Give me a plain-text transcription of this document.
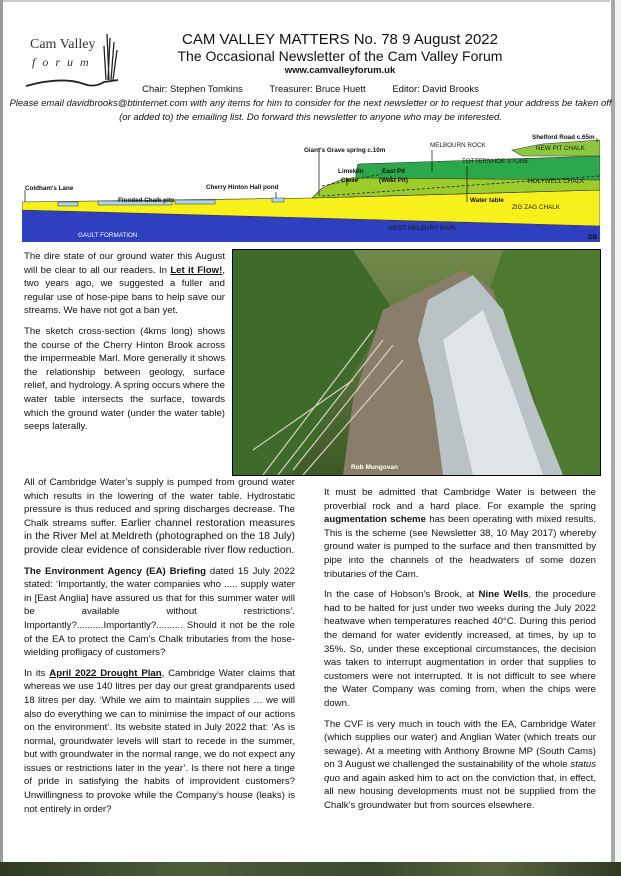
Cam Valley
forum
CAM VALLEY MATTERS No. 78 9 August 2022
The Occasional Newsletter of the Cam Valley Forum
www.camvalleyforum.uk
Chair: Stephen Tomkins	Treasurer: Bruce Huett	Editor: David Brooks
Please email davidbrooks@btinternet.com with any items for him to consider for the next newsletter or to request that your address be taken off (or added to) the emailing list. Do forward this newsletter to anyone who may be interested.
Coldham's Lane
Flooded Chalk pits
Cherry Hinton Hall pond
Giant's Grave spring c.10m
Limekiln
Close
East Pit
(West Pit)
MELBOURN ROCK
TOTTERNHOE STONE
Shelford Road c.65m
NEW PIT CHALK
HOLYWELL CHALK
Water table
ZIG ZAG CHALK
WEST MELBURY MARL
GAULT FORMATION	DB
Rob Mungovan

The dire state of our ground water this August will be clear to all our readers. In Let it Flow!, two years ago, we suggested a fuller and regular use of hose-pipe bans to help save our streams. We have not got a ban yet.

The sketch cross-section (4kms long) shows the course of the Cherry Hinton Brook across the impermeable Marl. More generally it shows the relationship between geology, surface relief, and hydrology. A spring occurs where the water table intersects the surface, towards which the ground water (under the water table) seeps laterally.

All of Cambridge Water’s supply is pumped from ground water which results in the lowering of the water table. Hydrostatic pressure is thus reduced and spring discharges decrease. The Chalk streams suffer. Earlier channel restoration measures in the River Mel at Meldreth (photographed on the 18 July) provide clear evidence of considerable river flow reduction.

The Environment Agency (EA) Briefing dated 15 July 2022 stated: ‘Importantly, the water companies who ..... supply water in [East Anglia] have assured us that for this summer water will be available without restrictions’. Importantly?..........Importantly?.......... Should it not be the role of the EA to protect the Cam’s Chalk tributaries from the hose-wielding profligacy of customers?

In its April 2022 Drought Plan, Cambridge Water claims that whereas we use 140 litres per day our great grandparents used 18 litres per day. ‘While we aim to maintain supplies … we will also do everything we can to minimise the impact of our actions on the environment’. Its website stated in July 2022 that: ‘As is normal, groundwater levels will start to recede in the summer, but with groundwater in the normal range, we do not expect any issues or restrictions later in the year’. Is there not here a tinge of pride in satisfying the habits of improvident customers? Unwillingness to provoke while the Company’s house (leaks) is not entirely in order?

It must be admitted that Cambridge Water is between the proverbial rock and a hard place. For example the spring augmentation scheme has been operating with mixed results. This is the scheme (see Newsletter 38, 10 May 2017) whereby ground water is pumped to the surface and then transmitted by pipe into the channels of the headwaters of some dozen tributaries of the Cam.

In the case of Hobson’s Brook, at Nine Wells, the procedure had to be halted for just under two weeks during the July 2022 heatwave when temperatures reached 40°C. During this period the demand for water evidently increased, at times, by up to 35%. So, under these exceptional circumstances, the decision was taken to interrupt augmentation in order that supplies to customers were not interrupted. It is not difficult to see where the Water Company was coming from, when the chips were down.

The CVF is very much in touch with the EA, Cambridge Water (which supplies our water) and Anglian Water (which treats our sewage). At a meeting with Anthony Browne MP (South Cams) on 3 August we challenged the sustainability of the whole status quo and again asked him to act on the conviction that, in effect, all new housing developments must not be supplied from the Chalk’s groundwater but from sources elsewhere.
